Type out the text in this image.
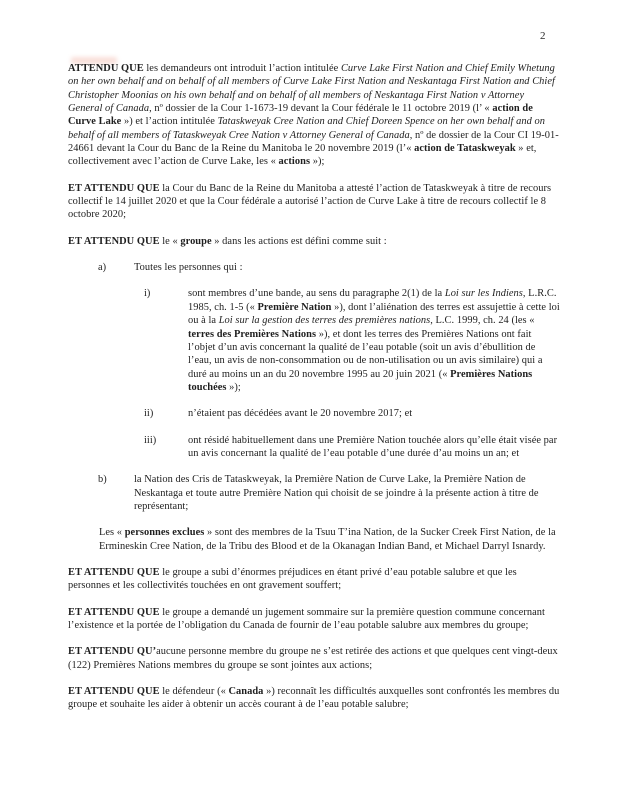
2
ATTENDU QUE les demandeurs ont introduit l’action intitulée Curve Lake First Nation and Chief Emily Whetung on her own behalf and on behalf of all members of Curve Lake First Nation and Neskantaga First Nation and Chief Christopher Moonias on his own behalf and on behalf of all members of Neskantaga First Nation v Attorney General of Canada, nº dossier de la Cour 1-1673-19 devant la Cour fédérale le 11 octobre 2019 (l’ « action de Curve Lake ») et l’action intitulée Tataskweyak Cree Nation and Chief Doreen Spence on her own behalf and on behalf of all members of Tataskweyak Cree Nation v Attorney General of Canada, nº de dossier de la Cour CI 19-01-24661 devant la Cour du Banc de la Reine du Manitoba le 20 novembre 2019 (l’« action de Tataskweyak » et, collectivement avec l’action de Curve Lake, les « actions »);
ET ATTENDU QUE la Cour du Banc de la Reine du Manitoba a attesté l’action de Tataskweyak à titre de recours collectif le 14 juillet 2020 et que la Cour fédérale a autorisé l’action de Curve Lake à titre de recours collectif le 8 octobre 2020;
ET ATTENDU QUE le « groupe » dans les actions est défini comme suit :
a)	Toutes les personnes qui :
i)	sont membres d’une bande, au sens du paragraphe 2(1) de la Loi sur les Indiens, L.R.C. 1985, ch. 1-5 (« Première Nation »), dont l’aliénation des terres est assujettie à cette loi ou à la Loi sur la gestion des terres des premières nations, L.C. 1999, ch. 24 (les « terres des Premières Nations »), et dont les terres des Premières Nations ont fait l’objet d’un avis concernant la qualité de l’eau potable (soit un avis d’ébullition de l’eau, un avis de non-consommation ou de non-utilisation ou un avis similaire) qui a duré au moins un an du 20 novembre 1995 au 20 juin 2021 (« Premières Nations touchées »);
ii)	n’étaient pas décédées avant le 20 novembre 2017; et
iii)	ont résidé habituellement dans une Première Nation touchée alors qu’elle était visée par un avis concernant la qualité de l’eau potable d’une durée d’au moins un an; et
b)	la Nation des Cris de Tataskweyak, la Première Nation de Curve Lake, la Première Nation de Neskantaga et toute autre Première Nation qui choisit de se joindre à la présente action à titre de représentant;
Les « personnes exclues » sont des membres de la Tsuu T’ina Nation, de la Sucker Creek First Nation, de la Ermineskin Cree Nation, de la Tribu des Blood et de la Okanagan Indian Band, et Michael Darryl Isnardy.
ET ATTENDU QUE le groupe a subi d’énormes préjudices en étant privé d’eau potable salubre et que les personnes et les collectivités touchées en ont gravement souffert;
ET ATTENDU QUE le groupe a demandé un jugement sommaire sur la première question commune concernant l’existence et la portée de l’obligation du Canada de fournir de l’eau potable salubre aux membres du groupe;
ET ATTENDU QU’aucune personne membre du groupe ne s’est retirée des actions et que quelques cent vingt-deux (122) Premières Nations membres du groupe se sont jointes aux actions;
ET ATTENDU QUE le défendeur (« Canada ») reconnaît les difficultés auxquelles sont confrontés les membres du groupe et souhaite les aider à obtenir un accès courant à de l’eau potable salubre;
